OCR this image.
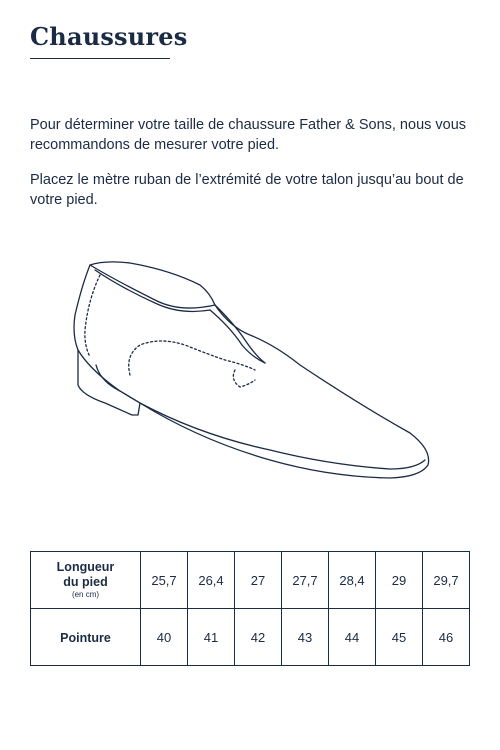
Chaussures

Pour déterminer votre taille de chaussure Father & Sons, nous vous recommandons de mesurer votre pied.

Placez le mètre ruban de l’extrémité de votre talon jusqu’au bout de votre pied.

Longueur
du pied
(en cm)	25,7	26,4	27	27,7	28,4	29	29,7
Pointure	40	41	42	43	44	45	46
